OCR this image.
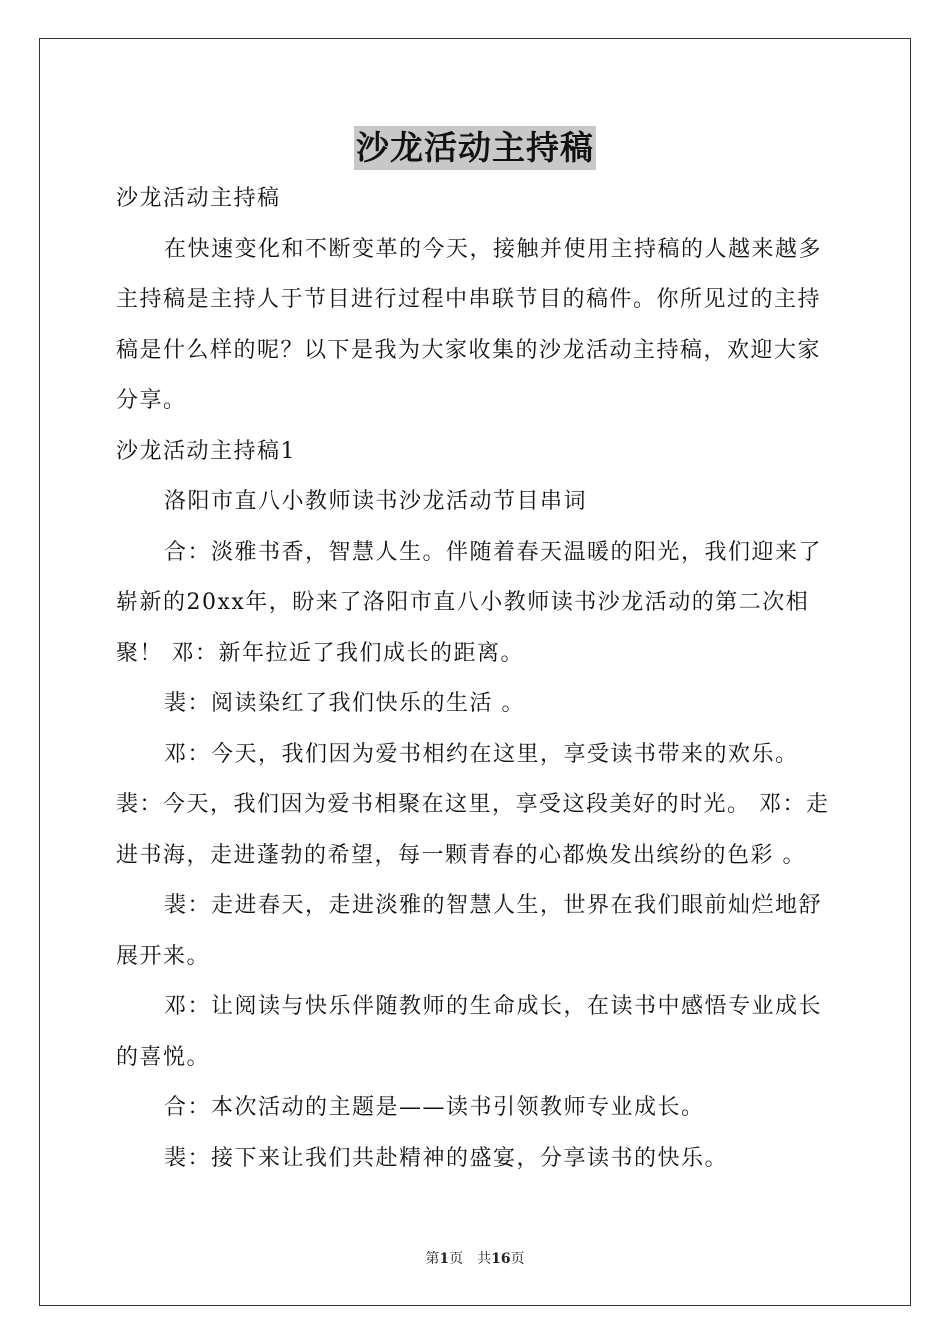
沙龙活动主持稿

沙龙活动主持稿

在快速变化和不断变革的今天，接触并使用主持稿的人越来越多主持稿是主持人于节目进行过程中串联节目的稿件。你所见过的主持稿是什么样的呢？以下是我为大家收集的沙龙活动主持稿，欢迎大家分享。

沙龙活动主持稿1

洛阳市直八小教师读书沙龙活动节目串词

合：淡雅书香，智慧人生。伴随着春天温暖的阳光，我们迎来了崭新的20xx年，盼来了洛阳市直八小教师读书沙龙活动的第二次相聚！ 邓：新年拉近了我们成长的距离。

裴：阅读染红了我们快乐的生活 。

邓：今天，我们因为爱书相约在这里，享受读书带来的欢乐。 裴：今天，我们因为爱书相聚在这里，享受这段美好的时光。 邓：走进书海，走进蓬勃的希望，每一颗青春的心都焕发出缤纷的色彩 。

裴：走进春天，走进淡雅的智慧人生，世界在我们眼前灿烂地舒展开来。

邓：让阅读与快乐伴随教师的生命成长，在读书中感悟专业成长的喜悦。

合：本次活动的主题是——读书引领教师专业成长。

裴：接下来让我们共赴精神的盛宴，分享读书的快乐。

第1页　共16页
